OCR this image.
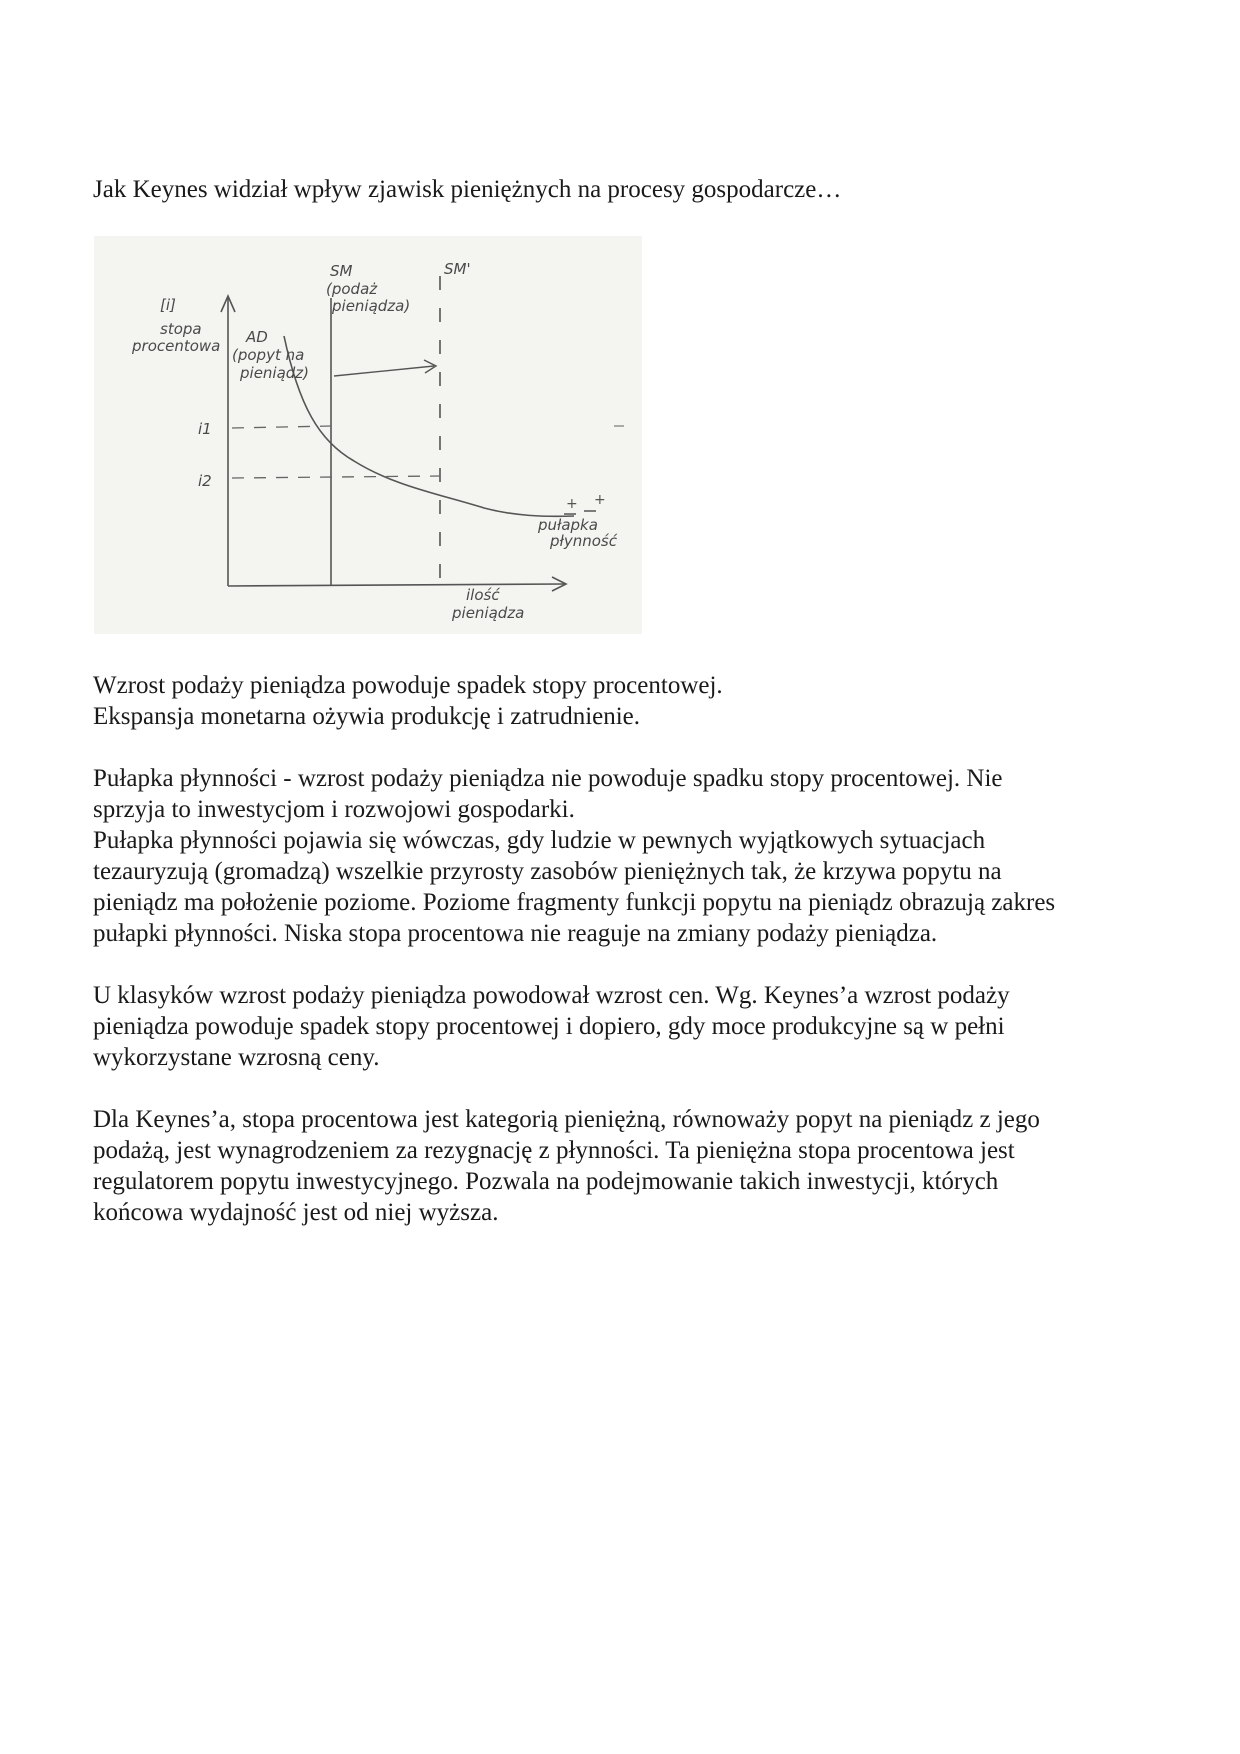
Jak Keynes widział wpływ zjawisk pieniężnych na procesy gospodarcze…
+ +
[i]
stopa
procentowa AD
(popyt na
pieniądz)
SM
(podaż
pieniądza)
SM'
i1
i2
pułapka
płynność
ilość
pieniądza

Wzrost podaży pieniądza powoduje spadek stopy procentowej.
Ekspansja monetarna ożywia produkcję i zatrudnienie.

Pułapka płynności - wzrost podaży pieniądza nie powoduje spadku stopy procentowej. Nie
sprzyja to inwestycjom i rozwojowi gospodarki.
Pułapka płynności pojawia się wówczas, gdy ludzie w pewnych wyjątkowych sytuacjach
tezauryzują (gromadzą) wszelkie przyrosty zasobów pieniężnych tak, że krzywa popytu na
pieniądz ma położenie poziome. Poziome fragmenty funkcji popytu na pieniądz obrazują zakres
pułapki płynności. Niska stopa procentowa nie reaguje na zmiany podaży pieniądza.

U klasyków wzrost podaży pieniądza powodował wzrost cen. Wg. Keynes’a wzrost podaży
pieniądza powoduje spadek stopy procentowej i dopiero, gdy moce produkcyjne są w pełni
wykorzystane wzrosną ceny.

Dla Keynes’a, stopa procentowa jest kategorią pieniężną, równoważy popyt na pieniądz z jego
podażą, jest wynagrodzeniem za rezygnację z płynności. Ta pieniężna stopa procentowa jest
regulatorem popytu inwestycyjnego. Pozwala na podejmowanie takich inwestycji, których
końcowa wydajność jest od niej wyższa.
